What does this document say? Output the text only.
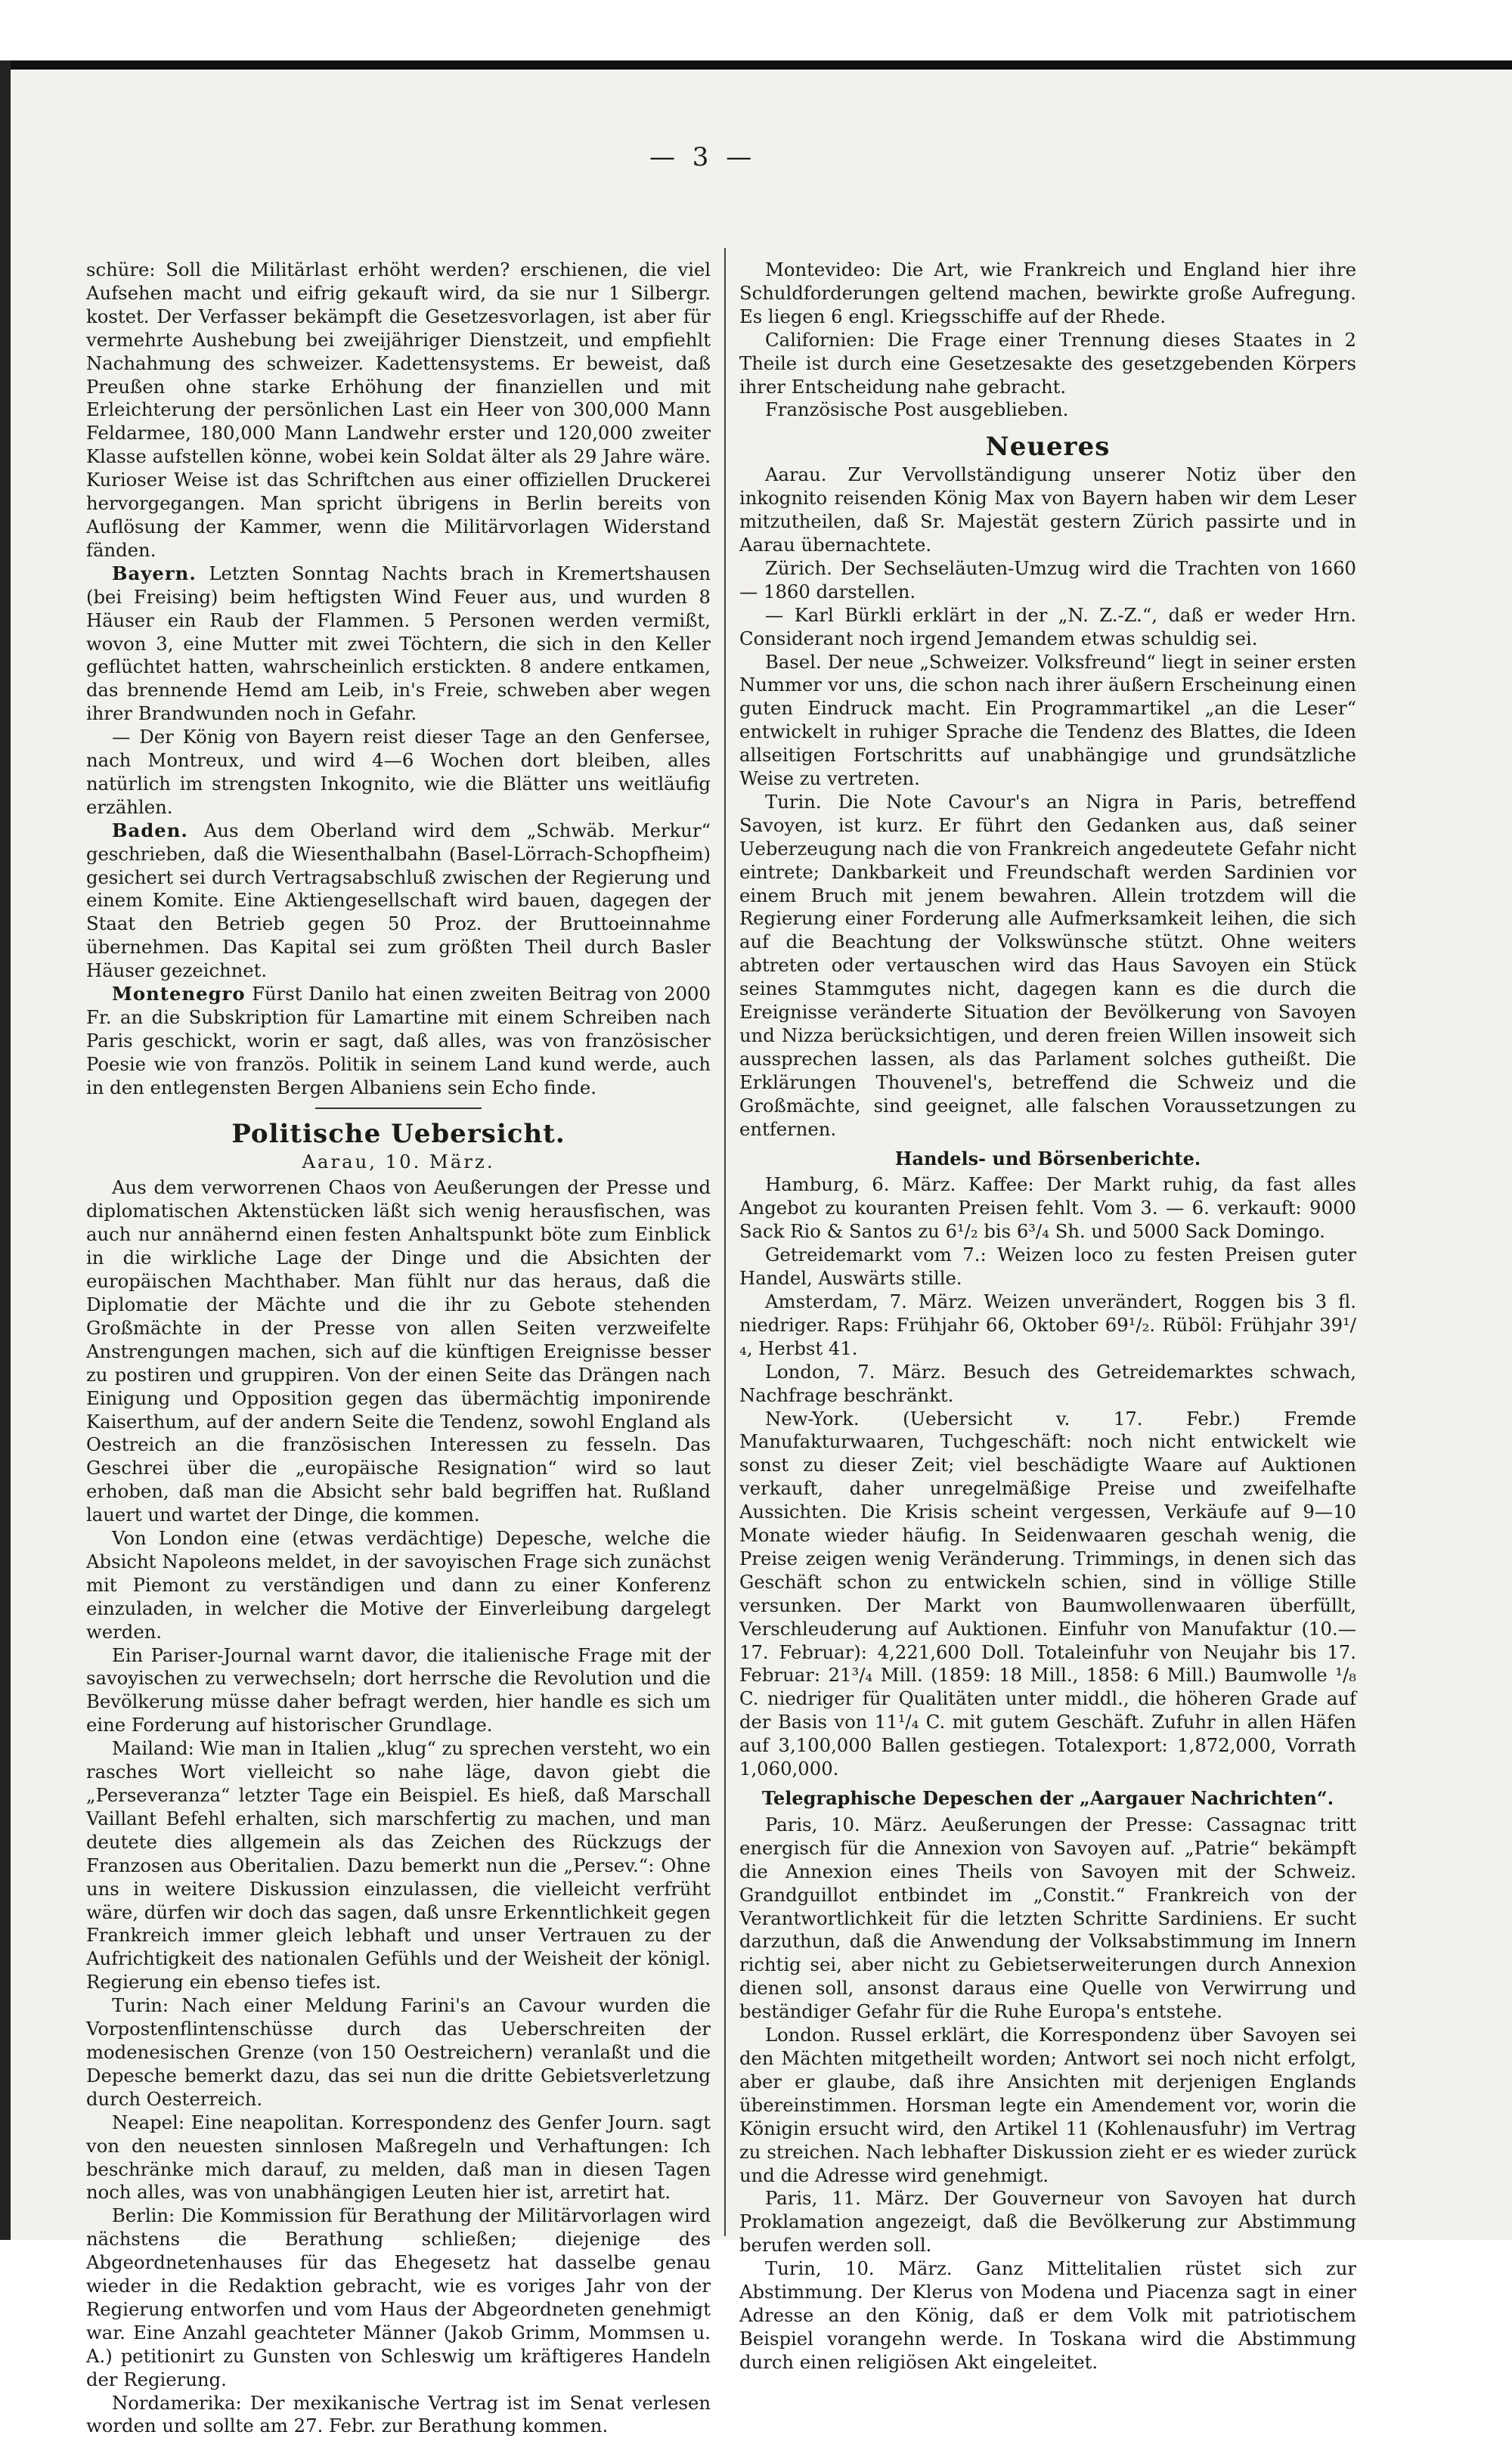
— 3 —

schüre: Soll die Militärlast erhöht werden? erschienen, die viel Aufsehen macht und eifrig gekauft wird, da sie nur 1 Silbergr. kostet. Der Verfasser bekämpft die Gesetzesvorlagen, ist aber für vermehrte Aushebung bei zweijähriger Dienstzeit, und empfiehlt Nachahmung des schweizer. Kadettensystems. Er beweist, daß Preußen ohne starke Erhöhung der finanziellen und mit Erleichterung der persönlichen Last ein Heer von 300,000 Mann Feldarmee, 180,000 Mann Landwehr erster und 120,000 zweiter Klasse aufstellen könne, wobei kein Soldat älter als 29 Jahre wäre. Kurioser Weise ist das Schriftchen aus einer offiziellen Druckerei hervorgegangen. Man spricht übrigens in Berlin bereits von Auflösung der Kammer, wenn die Militärvorlagen Widerstand fänden.

Bayern. Letzten Sonntag Nachts brach in Kremertshausen (bei Freising) beim heftigsten Wind Feuer aus, und wurden 8 Häuser ein Raub der Flammen. 5 Personen werden vermißt, wovon 3, eine Mutter mit zwei Töchtern, die sich in den Keller geflüchtet hatten, wahrscheinlich erstickten. 8 andere entkamen, das brennende Hemd am Leib, in's Freie, schweben aber wegen ihrer Brandwunden noch in Gefahr.

— Der König von Bayern reist dieser Tage an den Genfersee, nach Montreux, und wird 4—6 Wochen dort bleiben, alles natürlich im strengsten Inkognito, wie die Blätter uns weitläufig erzählen.

Baden. Aus dem Oberland wird dem „Schwäb. Merkur“ geschrieben, daß die Wiesenthalbahn (Basel-Lörrach-Schopfheim) gesichert sei durch Vertragsabschluß zwischen der Regierung und einem Komite. Eine Aktiengesellschaft wird bauen, dagegen der Staat den Betrieb gegen 50 Proz. der Bruttoeinnahme übernehmen. Das Kapital sei zum größten Theil durch Basler Häuser gezeichnet.

Montenegro Fürst Danilo hat einen zweiten Beitrag von 2000 Fr. an die Subskription für Lamartine mit einem Schreiben nach Paris geschickt, worin er sagt, daß alles, was von französischer Poesie wie von französ. Politik in seinem Land kund werde, auch in den entlegensten Bergen Albaniens sein Echo finde.

Politische Uebersicht.
Aarau, 10. März.

Aus dem verworrenen Chaos von Aeußerungen der Presse und diplomatischen Aktenstücken läßt sich wenig herausfischen, was auch nur annähernd einen festen Anhaltspunkt böte zum Einblick in die wirkliche Lage der Dinge und die Absichten der europäischen Machthaber. Man fühlt nur das heraus, daß die Diplomatie der Mächte und die ihr zu Gebote stehenden Großmächte in der Presse von allen Seiten verzweifelte Anstrengungen machen, sich auf die künftigen Ereignisse besser zu postiren und gruppiren. Von der einen Seite das Drängen nach Einigung und Opposition gegen das übermächtig imponirende Kaiserthum, auf der andern Seite die Tendenz, sowohl England als Oestreich an die französischen Interessen zu fesseln. Das Geschrei über die „europäische Resignation“ wird so laut erhoben, daß man die Absicht sehr bald begriffen hat. Rußland lauert und wartet der Dinge, die kommen.

Von London eine (etwas verdächtige) Depesche, welche die Absicht Napoleons meldet, in der savoyischen Frage sich zunächst mit Piemont zu verständigen und dann zu einer Konferenz einzuladen, in welcher die Motive der Einverleibung dargelegt werden.

Ein Pariser-Journal warnt davor, die italienische Frage mit der savoyischen zu verwechseln; dort herrsche die Revolution und die Bevölkerung müsse daher befragt werden, hier handle es sich um eine Forderung auf historischer Grundlage.

Mailand: Wie man in Italien „klug“ zu sprechen versteht, wo ein rasches Wort vielleicht so nahe läge, davon giebt die „Perseveranza“ letzter Tage ein Beispiel. Es hieß, daß Marschall Vaillant Befehl erhalten, sich marschfertig zu machen, und man deutete dies allgemein als das Zeichen des Rückzugs der Franzosen aus Oberitalien. Dazu bemerkt nun die „Persev.“: Ohne uns in weitere Diskussion einzulassen, die vielleicht verfrüht wäre, dürfen wir doch das sagen, daß unsre Erkenntlichkeit gegen Frankreich immer gleich lebhaft und unser Vertrauen zu der Aufrichtigkeit des nationalen Gefühls und der Weisheit der königl. Regierung ein ebenso tiefes ist.

Turin: Nach einer Meldung Farini's an Cavour wurden die Vorpostenflintenschüsse durch das Ueberschreiten der modenesischen Grenze (von 150 Oestreichern) veranlaßt und die Depesche bemerkt dazu, das sei nun die dritte Gebietsverletzung durch Oesterreich.

Neapel: Eine neapolitan. Korrespondenz des Genfer Journ. sagt von den neuesten sinnlosen Maßregeln und Verhaftungen: Ich beschränke mich darauf, zu melden, daß man in diesen Tagen noch alles, was von unabhängigen Leuten hier ist, arretirt hat.

Berlin: Die Kommission für Berathung der Militärvorlagen wird nächstens die Berathung schließen; diejenige des Abgeordnetenhauses für das Ehegesetz hat dasselbe genau wieder in die Redaktion gebracht, wie es voriges Jahr von der Regierung entworfen und vom Haus der Abgeordneten genehmigt war. Eine Anzahl geachteter Männer (Jakob Grimm, Mommsen u. A.) petitionirt zu Gunsten von Schleswig um kräftigeres Handeln der Regierung.

Nordamerika: Der mexikanische Vertrag ist im Senat verlesen worden und sollte am 27. Febr. zur Berathung kommen.

Montevideo: Die Art, wie Frankreich und England hier ihre Schuldforderungen geltend machen, bewirkte große Aufregung. Es liegen 6 engl. Kriegsschiffe auf der Rhede.

Californien: Die Frage einer Trennung dieses Staates in 2 Theile ist durch eine Gesetzesakte des gesetzgebenden Körpers ihrer Entscheidung nahe gebracht.

Französische Post ausgeblieben.

Neueres

Aarau. Zur Vervollständigung unserer Notiz über den inkognito reisenden König Max von Bayern haben wir dem Leser mitzutheilen, daß Sr. Majestät gestern Zürich passirte und in Aarau übernachtete.

Zürich. Der Sechseläuten-Umzug wird die Trachten von 1660 — 1860 darstellen.

— Karl Bürkli erklärt in der „N. Z.-Z.“, daß er weder Hrn. Considerant noch irgend Jemandem etwas schuldig sei.

Basel. Der neue „Schweizer. Volksfreund“ liegt in seiner ersten Nummer vor uns, die schon nach ihrer äußern Erscheinung einen guten Eindruck macht. Ein Programmartikel „an die Leser“ entwickelt in ruhiger Sprache die Tendenz des Blattes, die Ideen allseitigen Fortschritts auf unabhängige und grundsätzliche Weise zu vertreten.

Turin. Die Note Cavour's an Nigra in Paris, betreffend Savoyen, ist kurz. Er führt den Gedanken aus, daß seiner Ueberzeugung nach die von Frankreich angedeutete Gefahr nicht eintrete; Dankbarkeit und Freundschaft werden Sardinien vor einem Bruch mit jenem bewahren. Allein trotzdem will die Regierung einer Forderung alle Aufmerksamkeit leihen, die sich auf die Beachtung der Volkswünsche stützt. Ohne weiters abtreten oder vertauschen wird das Haus Savoyen ein Stück seines Stammgutes nicht, dagegen kann es die durch die Ereignisse veränderte Situation der Bevölkerung von Savoyen und Nizza berücksichtigen, und deren freien Willen insoweit sich aussprechen lassen, als das Parlament solches gutheißt. Die Erklärungen Thouvenel's, betreffend die Schweiz und die Großmächte, sind geeignet, alle falschen Voraussetzungen zu entfernen.

Handels- und Börsenberichte.

Hamburg, 6. März. Kaffee: Der Markt ruhig, da fast alles Angebot zu kouranten Preisen fehlt. Vom 3. — 6. verkauft: 9000 Sack Rio & Santos zu 6¹/₂ bis 6³/₄ Sh. und 5000 Sack Domingo.

Getreidemarkt vom 7.: Weizen loco zu festen Preisen guter Handel, Auswärts stille.

Amsterdam, 7. März. Weizen unverändert, Roggen bis 3 fl. niedriger. Raps: Frühjahr 66, Oktober 69¹/₂. Rüböl: Frühjahr 39¹/₄, Herbst 41.

London, 7. März. Besuch des Getreidemarktes schwach, Nachfrage beschränkt.

New-York. (Uebersicht v. 17. Febr.) Fremde Manufakturwaaren, Tuchgeschäft: noch nicht entwickelt wie sonst zu dieser Zeit; viel beschädigte Waare auf Auktionen verkauft, daher unregelmäßige Preise und zweifelhafte Aussichten. Die Krisis scheint vergessen, Verkäufe auf 9—10 Monate wieder häufig. In Seidenwaaren geschah wenig, die Preise zeigen wenig Veränderung. Trimmings, in denen sich das Geschäft schon zu entwickeln schien, sind in völlige Stille versunken. Der Markt von Baumwollenwaaren überfüllt, Verschleuderung auf Auktionen. Einfuhr von Manufaktur (10.—17. Februar): 4,221,600 Doll. Totaleinfuhr von Neujahr bis 17. Februar: 21³/₄ Mill. (1859: 18 Mill., 1858: 6 Mill.) Baumwolle ¹/₈ C. niedriger für Qualitäten unter middl., die höheren Grade auf der Basis von 11¹/₄ C. mit gutem Geschäft. Zufuhr in allen Häfen auf 3,100,000 Ballen gestiegen. Totalexport: 1,872,000, Vorrath 1,060,000.

Telegraphische Depeschen der „Aargauer Nachrichten“.

Paris, 10. März. Aeußerungen der Presse: Cassagnac tritt energisch für die Annexion von Savoyen auf. „Patrie“ bekämpft die Annexion eines Theils von Savoyen mit der Schweiz. Grandguillot entbindet im „Constit.“ Frankreich von der Verantwortlichkeit für die letzten Schritte Sardiniens. Er sucht darzuthun, daß die Anwendung der Volksabstimmung im Innern richtig sei, aber nicht zu Gebietserweiterungen durch Annexion dienen soll, ansonst daraus eine Quelle von Verwirrung und beständiger Gefahr für die Ruhe Europa's entstehe.

London. Russel erklärt, die Korrespondenz über Savoyen sei den Mächten mitgetheilt worden; Antwort sei noch nicht erfolgt, aber er glaube, daß ihre Ansichten mit derjenigen Englands übereinstimmen. Horsman legte ein Amendement vor, worin die Königin ersucht wird, den Artikel 11 (Kohlenausfuhr) im Vertrag zu streichen. Nach lebhafter Diskussion zieht er es wieder zurück und die Adresse wird genehmigt.

Paris, 11. März. Der Gouverneur von Savoyen hat durch Proklamation angezeigt, daß die Bevölkerung zur Abstimmung berufen werden soll.

Turin, 10. März. Ganz Mittelitalien rüstet sich zur Abstimmung. Der Klerus von Modena und Piacenza sagt in einer Adresse an den König, daß er dem Volk mit patriotischem Beispiel vorangehn werde. In Toskana wird die Abstimmung durch einen religiösen Akt eingeleitet.
